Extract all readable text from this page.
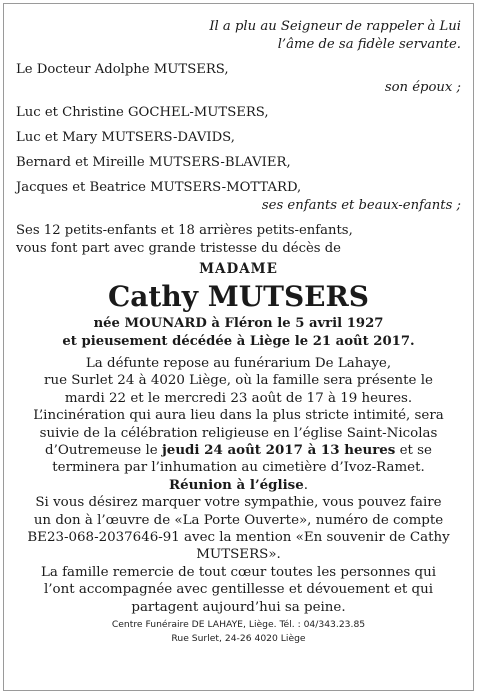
Il a plu au Seigneur de rappeler à Lui
l’âme de sa fidèle servante.
Le Docteur Adolphe MUTSERS,
son époux ;
Luc et Christine GOCHEL-MUTSERS,
Luc et Mary MUTSERS-DAVIDS,
Bernard et Mireille MUTSERS-BLAVIER,
Jacques et Beatrice MUTSERS-MOTTARD,
ses enfants et beaux-enfants ;
Ses 12 petits-enfants et 18 arrières petits-enfants,
vous font part avec grande tristesse du décès de
MADAME
Cathy MUTSERS
née MOUNARD à Fléron le 5 avril 1927
et pieusement décédée à Liège le 21 août 2017.
La défunte repose au funérarium De Lahaye,
rue Surlet 24 à 4020 Liège, où la famille sera présente le
mardi 22 et le mercredi 23 août de 17 à 19 heures.
L’incinération qui aura lieu dans la plus stricte intimité, sera
suivie de la célébration religieuse en l’église Saint-Nicolas
d’Outremeuse le jeudi 24 août 2017 à 13 heures et se
terminera par l’inhumation au cimetière d’Ivoz-Ramet.
Réunion à l’église.
Si vous désirez marquer votre sympathie, vous pouvez faire
un don à l’œuvre de «La Porte Ouverte», numéro de compte
BE23-068-2037646-91 avec la mention «En souvenir de Cathy
MUTSERS».
La famille remercie de tout cœur toutes les personnes qui
l’ont accompagnée avec gentillesse et dévouement et qui
partagent aujourd’hui sa peine.
Centre Funéraire DE LAHAYE, Liège. Tél. : 04/343.23.85
Rue Surlet, 24-26 4020 Liège
